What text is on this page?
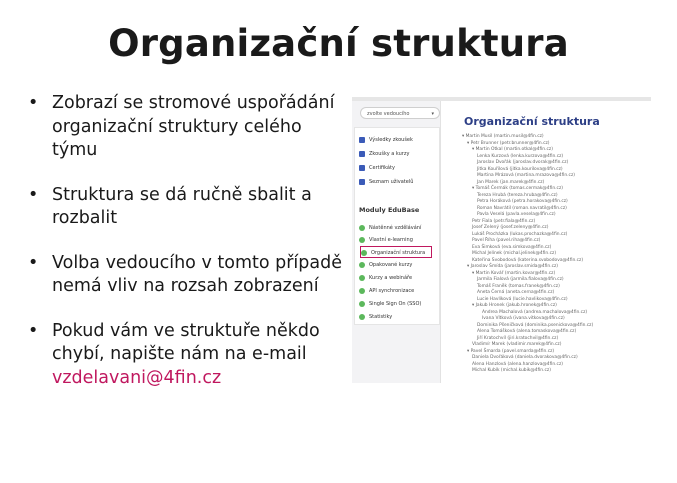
Organizační struktura
• Zobrazí se stromové uspořádání organizační struktury celého týmu
• Struktura se dá ručně sbalit a rozbalit
• Volba vedoucího v tomto případě nemá vliv na rozsah zobrazení
• Pokud vám ve struktuře někdo chybí, napište nám na e-mail
vzdelavani@4fin.cz
zvolte vedoucího	▾
Výsledky zkoušek
Zkoušky a kurzy
Certifikáty
Seznam uživatelů
Moduly EduBase
Nástěnné vzdělávání
Vlastní e-learning
Organizační struktura
Opakované kurzy
Kurzy a webináře
API synchronizace
Single Sign On (SSO)
Statistiky
Organizační struktura
▾ Martin Musil (martin.musil@4fin.cz)
▾ Petr Brunner (petr.brunner@4fin.cz)
▾ Martin Otkal (martin.otkal@4fin.cz)
Lenka Kurzová (lenka.kurzova@4fin.cz)
Jaroslav Dvořák (jaroslav.dvorak@4fin.cz)
Jitka Kouřilová (jitka.kourilova@4fin.cz)
Martina Mrázová (martina.mrazova@4fin.cz)
Jan Marek (jan.marek@4fin.cz)
▾ Tomáš Čermák (tomas.cermak@4fin.cz)
Tereza Hrubá (tereza.hruba@4fin.cz)
Petra Horáková (petra.horakova@4fin.cz)
Roman Navrátil (roman.navratil@4fin.cz)
Pavla Veselá (pavla.vesela@4fin.cz)
Petr Fiala (petr.fiala@4fin.cz)
Josef Zelený (josef.zeleny@4fin.cz)
Lukáš Procházka (lukas.prochazka@4fin.cz)
Pavel Říha (pavel.riha@4fin.cz)
Eva Šimková (eva.simkova@4fin.cz)
Michal Jelínek (michal.jelinek@4fin.cz)
Kateřina Svobodová (katerina.svobodova@4fin.cz)
▾ Jaroslav Šmída (jaroslav.smida@4fin.cz)
▾ Martin Kovář (martin.kovar@4fin.cz)
Jarmila Fialová (jarmila.fialova@4fin.cz)
Tomáš Franěk (tomas.franek@4fin.cz)
Aneta Černá (aneta.cerna@4fin.cz)
Lucie Havlíková (lucie.havlikova@4fin.cz)
▾ Jakub Hronek (jakub.hronek@4fin.cz)
Andrea Machalová (andrea.machalova@4fin.cz)
Ivana Vítková (ivana.vitkova@4fin.cz)
Dominika Pšeničková (dominika.psenickova@4fin.cz)
Alena Tomášková (alena.tomaskova@4fin.cz)
Jiří Kratochvíl (jiri.kratochvil@4fin.cz)
Vladimír Marek (vladimir.marek@4fin.cz)
▾ Pavel Šmarda (pavel.smarda@4fin.cz)
Daniela Dvořáková (daniela.dvorakova@4fin.cz)
Alena Hanzlová (alena.hanzlova@4fin.cz)
Michal Kubík (michal.kubik@4fin.cz)
